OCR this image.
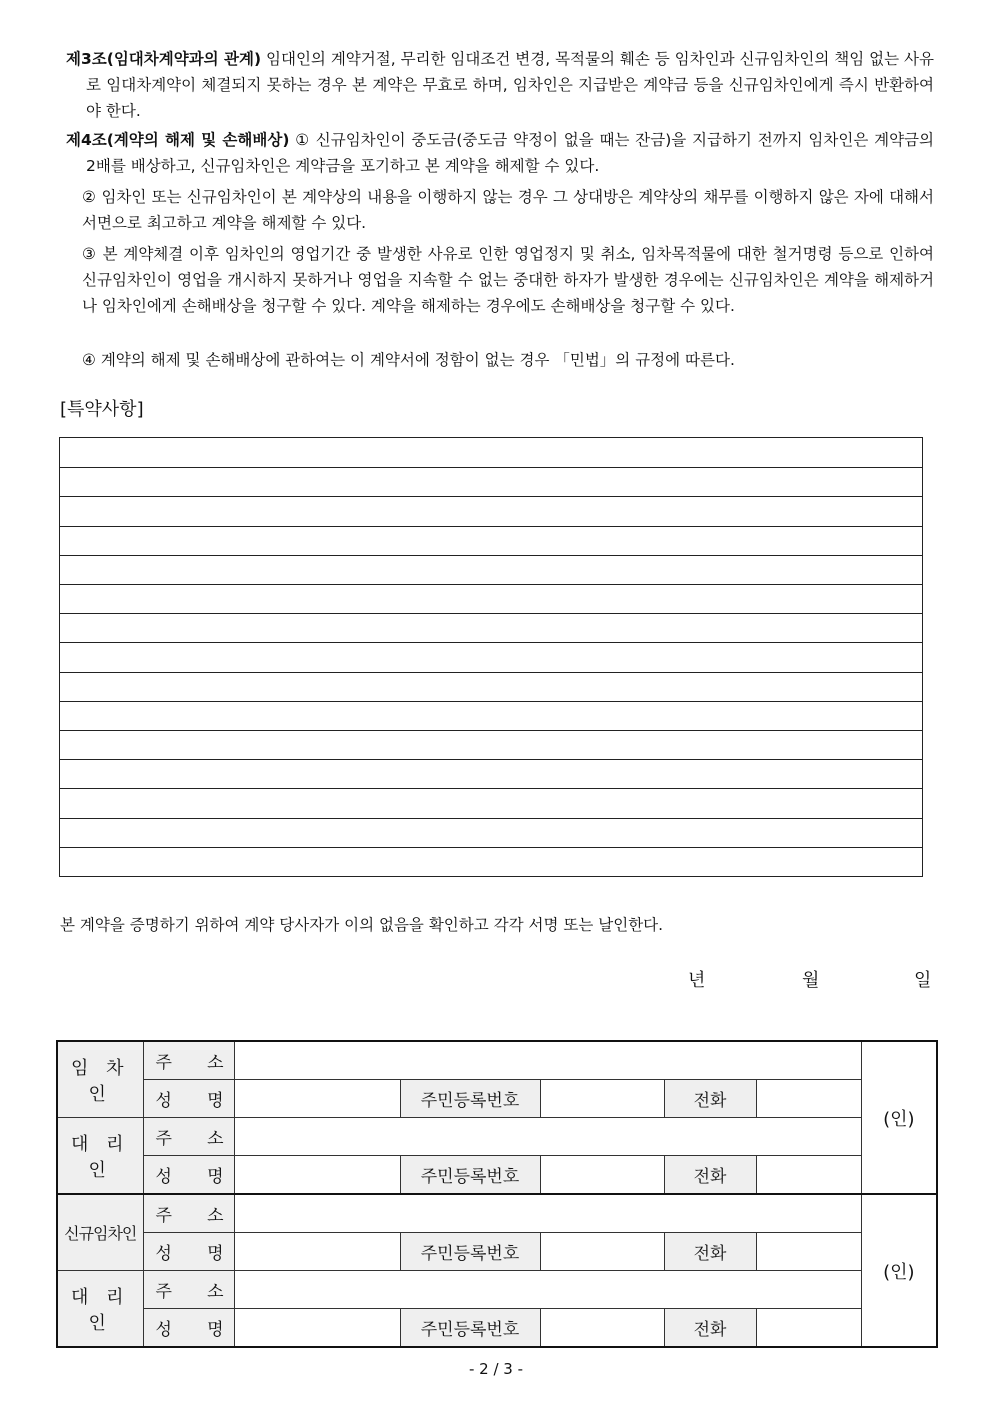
제3조(임대차계약과의 관계) 임대인의 계약거절, 무리한 임대조건 변경, 목적물의 훼손 등 임차인과 신규임차인의 책임 없는 사유로 임대차계약이 체결되지 못하는 경우 본 계약은 무효로 하며, 임차인은 지급받은 계약금 등을 신규임차인에게 즉시 반환하여야 한다.

제4조(계약의 해제 및 손해배상) ① 신규임차인이 중도금(중도금 약정이 없을 때는 잔금)을 지급하기 전까지 임차인은 계약금의 2배를 배상하고, 신규임차인은 계약금을 포기하고 본 계약을 해제할 수 있다.

② 임차인 또는 신규임차인이 본 계약상의 내용을 이행하지 않는 경우 그 상대방은 계약상의 채무를 이행하지 않은 자에 대해서 서면으로 최고하고 계약을 해제할 수 있다.

③ 본 계약체결 이후 임차인의 영업기간 중 발생한 사유로 인한 영업정지 및 취소, 임차목적물에 대한 철거명령 등으로 인하여 신규임차인이 영업을 개시하지 못하거나 영업을 지속할 수 없는 중대한 하자가 발생한 경우에는 신규임차인은 계약을 해제하거나 임차인에게 손해배상을 청구할 수 있다. 계약을 해제하는 경우에도 손해배상을 청구할 수 있다.

④ 계약의 해제 및 손해배상에 관하여는 이 계약서에 정함이 없는 경우 「민법」의 규정에 따른다.

[특약사항]
본 계약을 증명하기 위하여 계약 당사자가 이의 없음을 확인하고 각각 서명 또는 날인한다.
년	월	일
임 차 인	주 소						(인)

	성 명		주민등록번호		전화		
대 리 인	주 소						

	성 명		주민등록번호		전화		
신규임차인	주 소						(인)

	성 명		주민등록번호		전화		
대 리 인	주 소						

	성 명		주민등록번호		전화		
- 2 / 3 -
